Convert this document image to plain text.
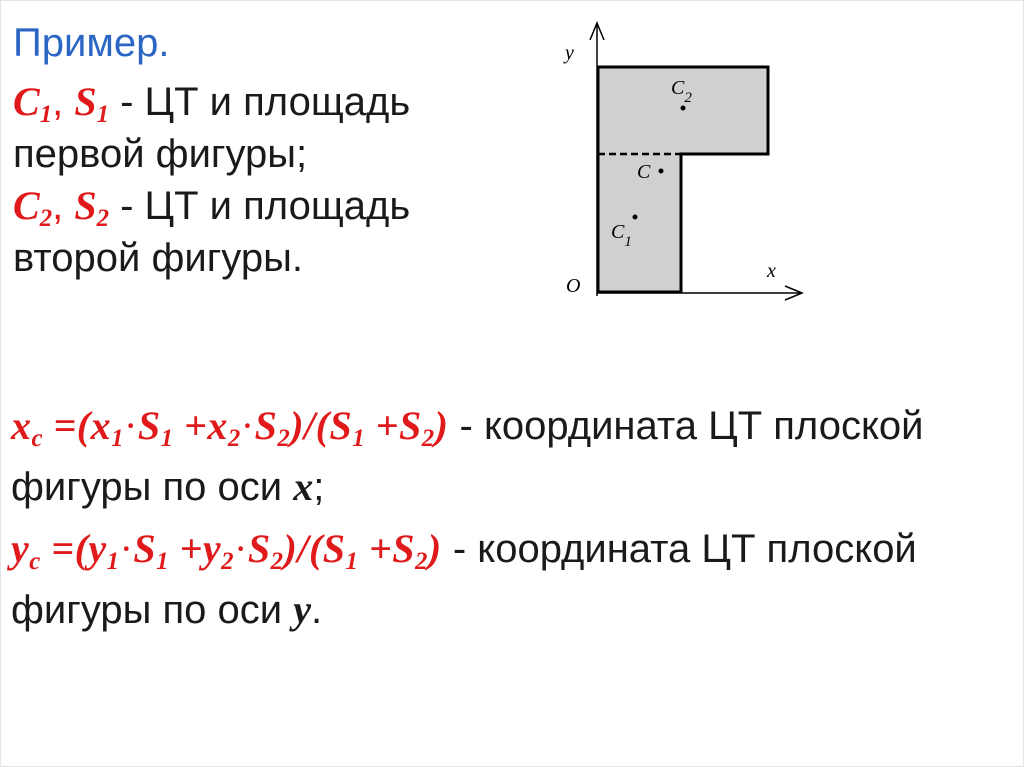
Пример.
$C_1$, $S_1$ - ЦТ и площадь
первой фигуры;
$C_2$, $S_2$ - ЦТ и площадь
второй фигуры.
y
x
O
$C_2$
C
$C_1$
$x_c =(x_1\cdot S_1 +x_2\cdot S_2)/(S_1 +S_2)$ - координата ЦТ плоской
фигуры по оси x;
$y_c =(y_1\cdot S_1 +y_2\cdot S_2)/(S_1 +S_2)$ - координата ЦТ плоской
фигуры по оси y.
